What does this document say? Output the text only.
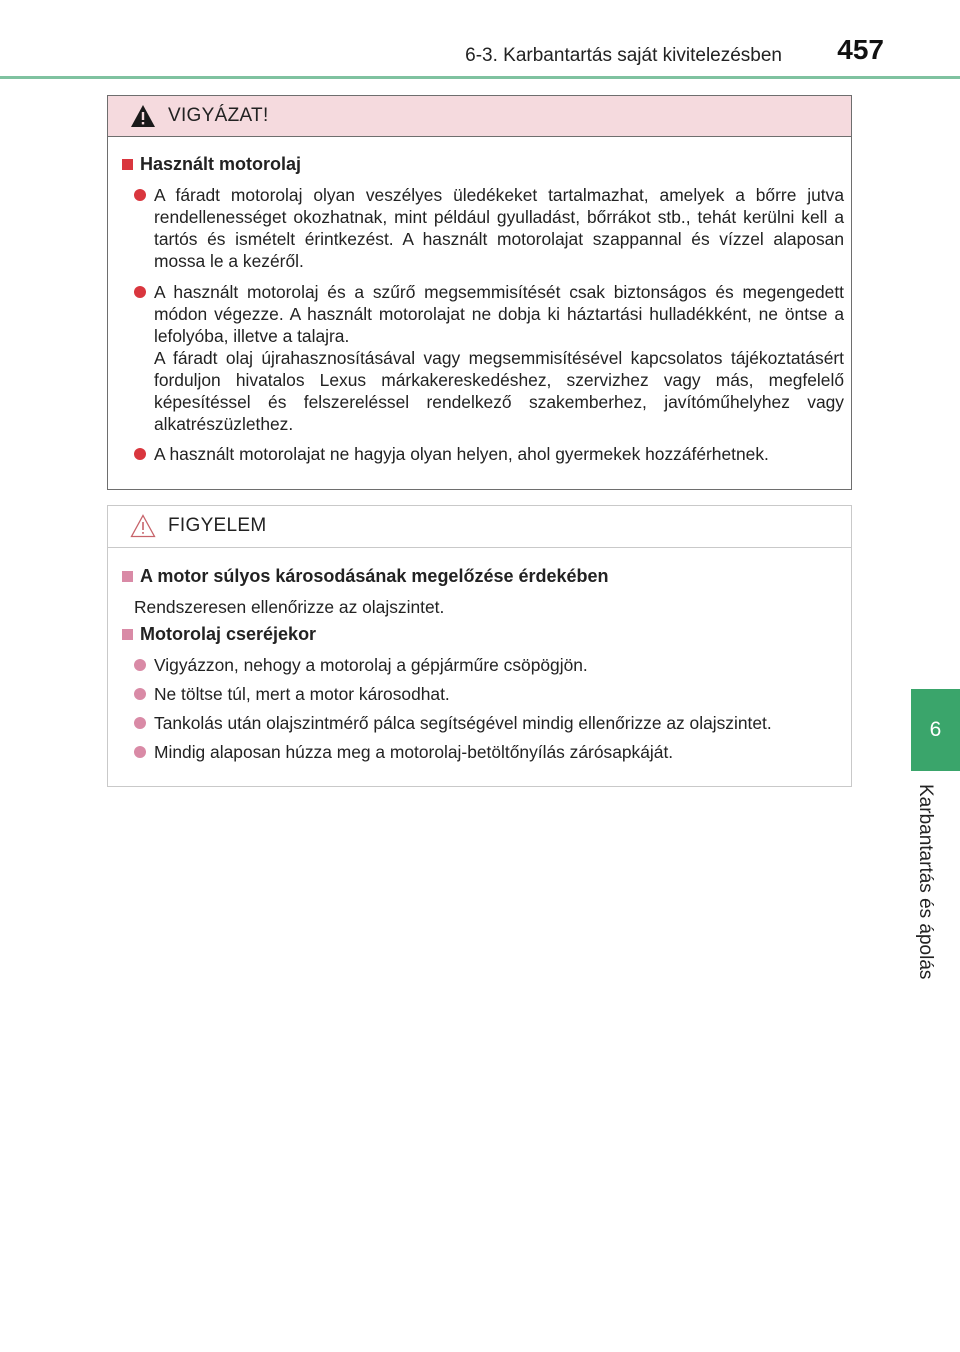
6-3. Karbantartás saját kivitelezésben 457
6
Karbantartás és ápolás
VIGYÁZAT!
Használt motorolaj

A fáradt motorolaj olyan veszélyes üledékeket tartalmazhat, amelyek a bőrre jutva rendellenességet okozhatnak, mint például gyulladást, bőrrákot stb., tehát kerülni kell a tartós és ismételt érintkezést. A használt motorolajat szappannal és vízzel alaposan mossa le a kezéről.

A használt motorolaj és a szűrő megsemmisítését csak biztonságos és megengedett módon végezze. A használt motorolajat ne dobja ki háztartási hulladékként, ne öntse a lefolyóba, illetve a talajra.

A fáradt olaj újrahasznosításával vagy megsemmisítésével kapcsolatos tájékoztatásért forduljon hivatalos Lexus márkakereskedéshez, szervizhez vagy más, megfelelő képesítéssel és felszereléssel rendelkező szakemberhez, javítóműhelyhez vagy alkatrészüzlethez.

A használt motorolajat ne hagyja olyan helyen, ahol gyermekek hozzáférhetnek.

FIGYELEM
A motor súlyos károsodásának megelőzése érdekében
Rendszeresen ellenőrizze az olajszintet.
Motorolaj cseréjekor

Vigyázzon, nehogy a motorolaj a gépjárműre csöpögjön.

Ne töltse túl, mert a motor károsodhat.

Tankolás után olajszintmérő pálca segítségével mindig ellenőrizze az olajszintet.

Mindig alaposan húzza meg a motorolaj-betöltőnyílás zárósapkáját.
